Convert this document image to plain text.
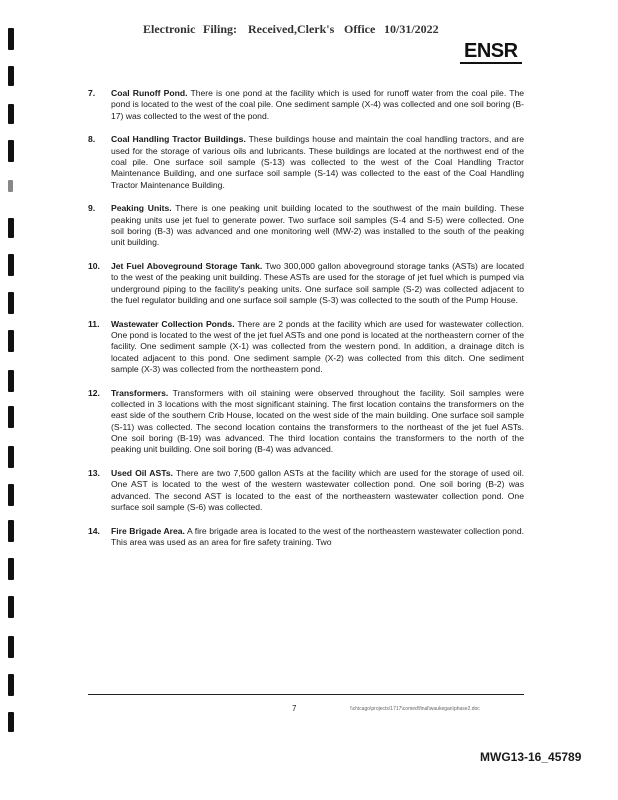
Electronic Filing: Received,Clerk's Office 10/31/2022
ENSR
7. Coal Runoff Pond. There is one pond at the facility which is used for runoff water from the coal pile. The pond is located to the west of the coal pile. One sediment sample (X-4) was collected and one soil boring (B-17) was collected to the west of the pond.
8. Coal Handling Tractor Buildings. These buildings house and maintain the coal handling tractors, and are used for the storage of various oils and lubricants. These buildings are located at the northwest end of the coal pile. One surface soil sample (S-13) was collected to the west of the Coal Handling Tractor Maintenance Building, and one surface soil sample (S-14) was collected to the east of the Coal Handling Tractor Maintenance Building.
9. Peaking Units. There is one peaking unit building located to the southwest of the main building. These peaking units use jet fuel to generate power. Two surface soil samples (S-4 and S-5) were collected. One soil boring (B-3) was advanced and one monitoring well (MW-2) was installed to the south of the peaking unit building.
10. Jet Fuel Aboveground Storage Tank. Two 300,000 gallon aboveground storage tanks (ASTs) are located to the west of the peaking unit building. These ASTs are used for the storage of jet fuel which is pumped via underground piping to the facility's peaking units. One surface soil sample (S-2) was collected adjacent to the fuel regulator building and one surface soil sample (S-3) was collected to the south of the Pump House.
11. Wastewater Collection Ponds. There are 2 ponds at the facility which are used for wastewater collection. One pond is located to the west of the jet fuel ASTs and one pond is located at the northeastern corner of the facility. One sediment sample (X-1) was collected from the western pond. In addition, a drainage ditch is located adjacent to this pond. One sediment sample (X-2) was collected from this ditch. One sediment sample (X-3) was collected from the northeastern pond.
12. Transformers. Transformers with oil staining were observed throughout the facility. Soil samples were collected in 3 locations with the most significant staining. The first location contains the transformers on the east side of the southern Crib House, located on the west side of the main building. One surface soil sample (S-11) was collected. The second location contains the transformers to the northeast of the jet fuel ASTs. One soil boring (B-19) was advanced. The third location contains the transformers to the north of the peaking unit building. One soil boring (B-4) was advanced.
13. Used Oil ASTs. There are two 7,500 gallon ASTs at the facility which are used for the storage of used oil. One AST is located to the west of the western wastewater collection pond. One soil boring (B-2) was advanced. The second AST is located to the east of the northeastern wastewater collection pond. One surface soil sample (S-6) was collected.
14. Fire Brigade Area. A fire brigade area is located to the west of the northeastern wastewater collection pond. This area was used as an area for fire safety training. Two
7	\\chicago\projects\1717\comed\final\waukegan\phase2.doc
MWG13-16_45789
